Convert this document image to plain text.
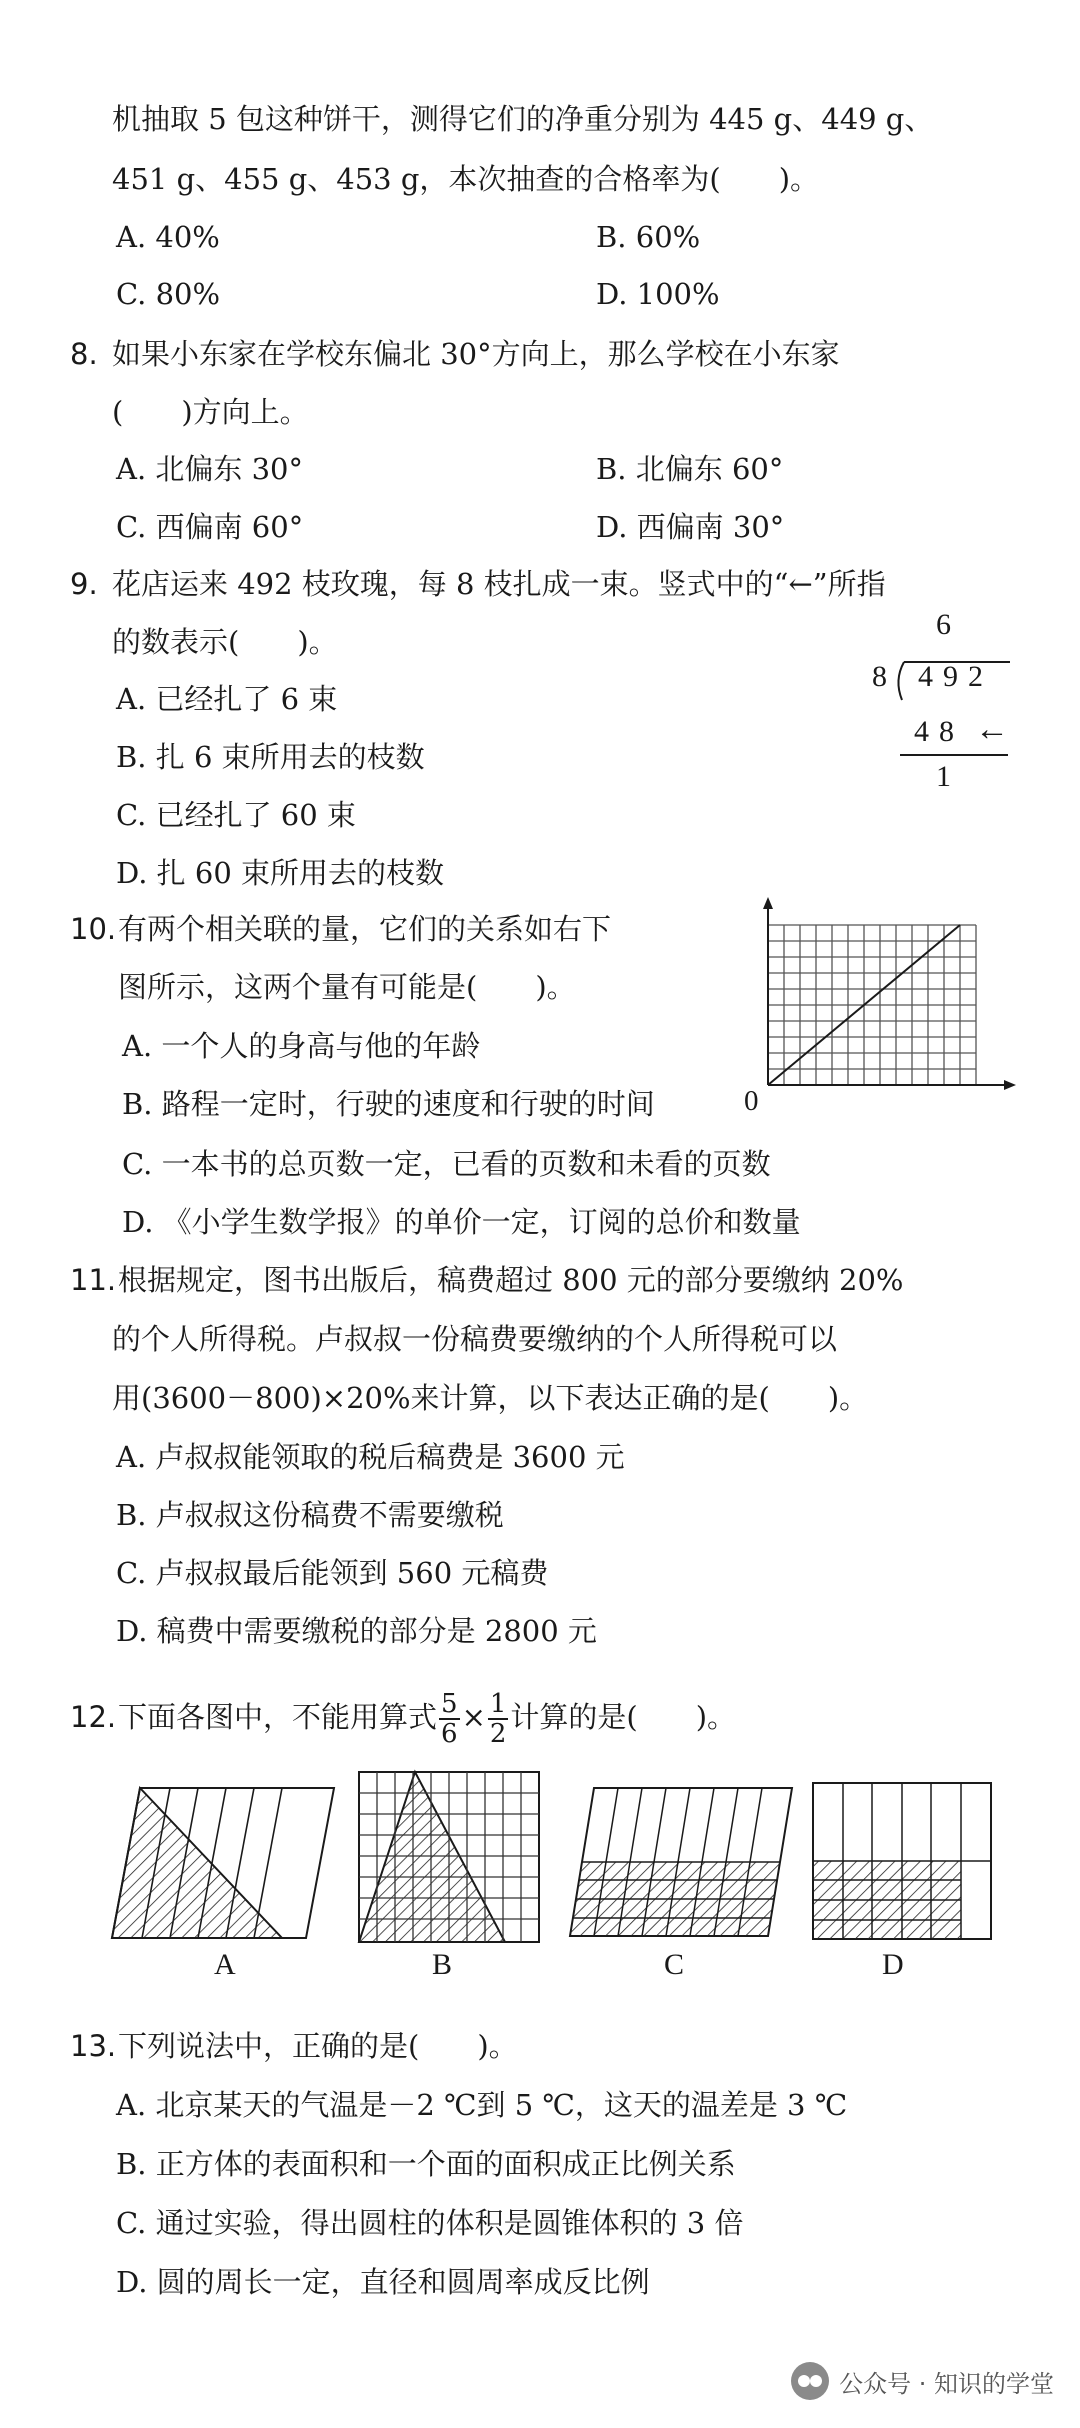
机抽取 5 包这种饼干，测得它们的净重分别为 445 g、449 g、
451 g、455 g、453 g，本次抽查的合格率为(　　)。
A. 40%	B. 60%
C. 80%	D. 100%
8. 如果小东家在学校东偏北 30°方向上，那么学校在小东家
(　　)方向上。
A. 北偏东 30°	B. 北偏东 60°
C. 西偏南 60°	D. 西偏南 30°
9. 花店运来 492 枝玫瑰，每 8 枝扎成一束。竖式中的“←”所指
的数表示(　　)。
A. 已经扎了 6 束
B. 扎 6 束所用去的枝数
C. 已经扎了 60 束
D. 扎 60 束所用去的枝数
6
8 492
48 ←
1
10. 有两个相关联的量，它们的关系如右下
图所示，这两个量有可能是(　　)。
A. 一个人的身高与他的年龄
B. 路程一定时，行驶的速度和行驶的时间
C. 一本书的总页数一定，已看的页数和未看的页数
D. 《小学生数学报》的单价一定，订阅的总价和数量
0
11. 根据规定，图书出版后，稿费超过 800 元的部分要缴纳 20%
的个人所得税。卢叔叔一份稿费要缴纳的个人所得税可以
用(3600－800)×20%来计算，以下表达正确的是(　　)。
A. 卢叔叔能领取的税后稿费是 3600 元
B. 卢叔叔这份稿费不需要缴税
C. 卢叔叔最后能领到 560 元稿费
D. 稿费中需要缴税的部分是 2800 元
12. 下面各图中，不能用算式 $\frac{5}{6} \times \frac{1}{2}$ 计算的是(　　)。
A	B	C	D
13. 下列说法中，正确的是(　　)。
A. 北京某天的气温是－2 ℃到 5 ℃，这天的温差是 3 ℃
B. 正方体的表面积和一个面的面积成正比例关系
C. 通过实验，得出圆柱的体积是圆锥体积的 3 倍
D. 圆的周长一定，直径和圆周率成反比例
公众号 · 知识的学堂
